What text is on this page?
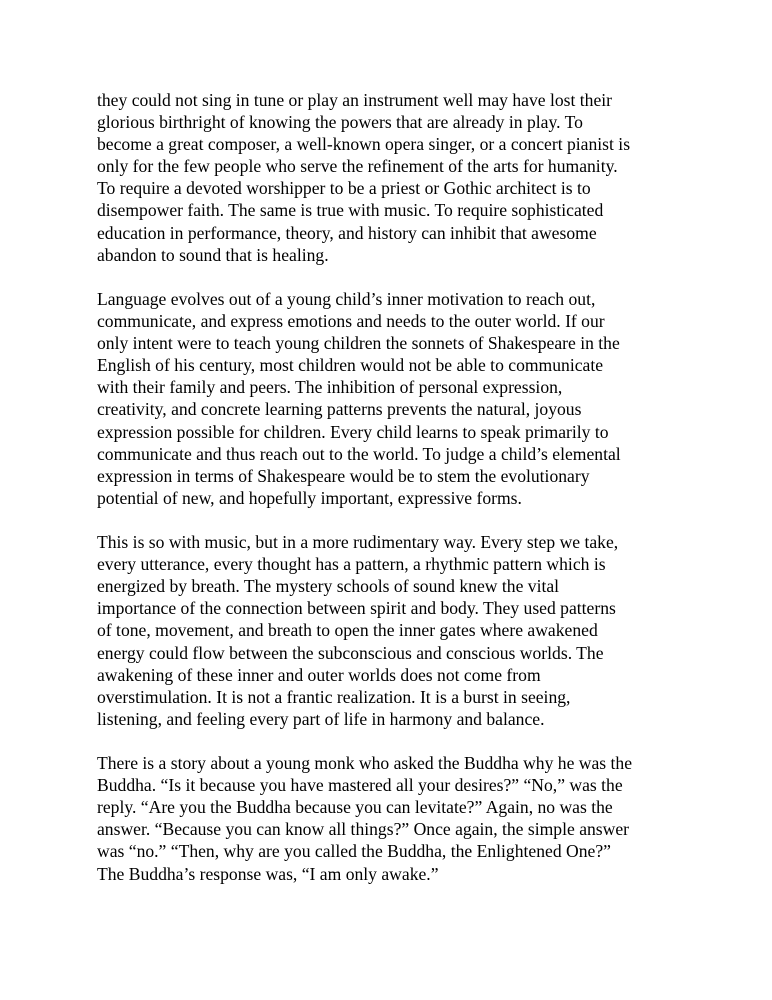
they could not sing in tune or play an instrument well may have lost their
glorious birthright of knowing the powers that are already in play. To
become a great composer, a well-known opera singer, or a concert pianist is
only for the few people who serve the refinement of the arts for humanity.
To require a devoted worshipper to be a priest or Gothic architect is to
disempower faith. The same is true with music. To require sophisticated
education in performance, theory, and history can inhibit that awesome
abandon to sound that is healing.
Language evolves out of a young child’s inner motivation to reach out,
communicate, and express emotions and needs to the outer world. If our
only intent were to teach young children the sonnets of Shakespeare in the
English of his century, most children would not be able to communicate
with their family and peers. The inhibition of personal expression,
creativity, and concrete learning patterns prevents the natural, joyous
expression possible for children. Every child learns to speak primarily to
communicate and thus reach out to the world. To judge a child’s elemental
expression in terms of Shakespeare would be to stem the evolutionary
potential of new, and hopefully important, expressive forms.
This is so with music, but in a more rudimentary way. Every step we take,
every utterance, every thought has a pattern, a rhythmic pattern which is
energized by breath. The mystery schools of sound knew the vital
importance of the connection between spirit and body. They used patterns
of tone, movement, and breath to open the inner gates where awakened
energy could flow between the subconscious and conscious worlds. The
awakening of these inner and outer worlds does not come from
overstimulation. It is not a frantic realization. It is a burst in seeing,
listening, and feeling every part of life in harmony and balance.
There is a story about a young monk who asked the Buddha why he was the
Buddha. “Is it because you have mastered all your desires?” “No,” was the
reply. “Are you the Buddha because you can levitate?” Again, no was the
answer. “Because you can know all things?” Once again, the simple answer
was “no.” “Then, why are you called the Buddha, the Enlightened One?”
The Buddha’s response was, “I am only awake.”
